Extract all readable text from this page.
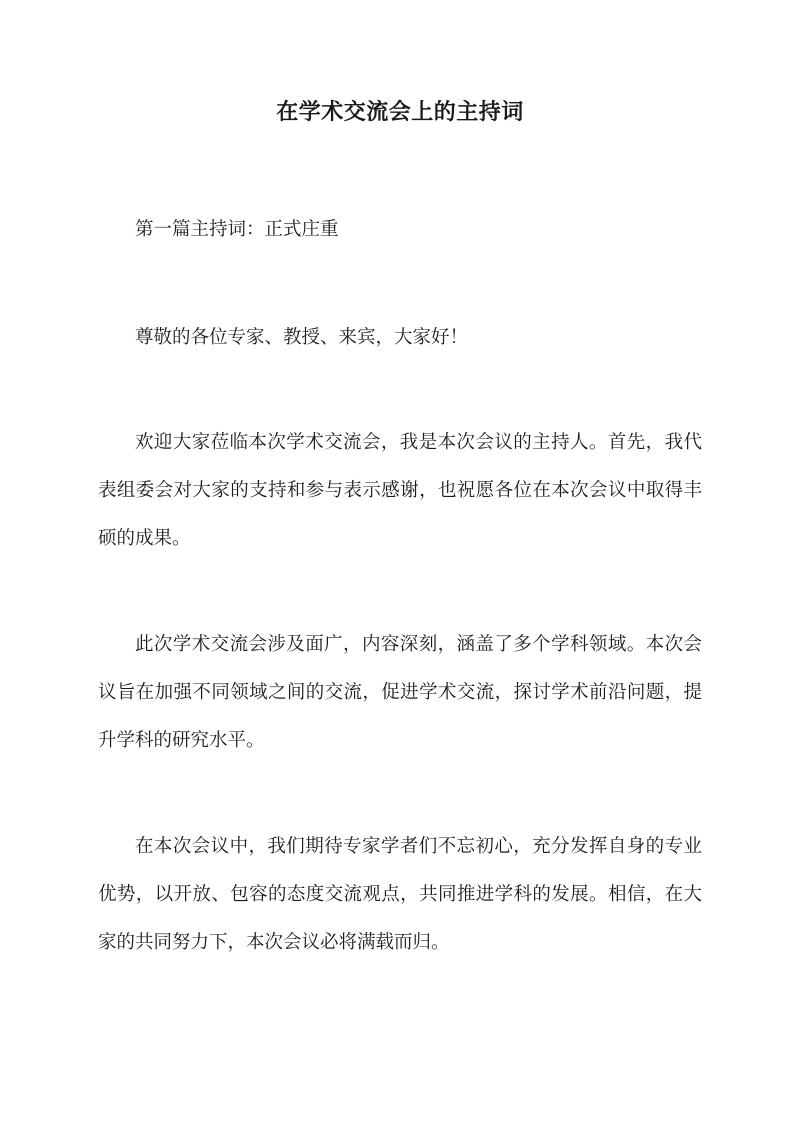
在学术交流会上的主持词

第一篇主持词：正式庄重

尊敬的各位专家、教授、来宾，大家好！

欢迎大家莅临本次学术交流会，我是本次会议的主持人。首先，我代表组委会对大家的支持和参与表示感谢，也祝愿各位在本次会议中取得丰硕的成果。

此次学术交流会涉及面广，内容深刻，涵盖了多个学科领域。本次会议旨在加强不同领域之间的交流，促进学术交流，探讨学术前沿问题，提升学科的研究水平。

在本次会议中，我们期待专家学者们不忘初心，充分发挥自身的专业优势，以开放、包容的态度交流观点，共同推进学科的发展。相信，在大家的共同努力下，本次会议必将满载而归。
